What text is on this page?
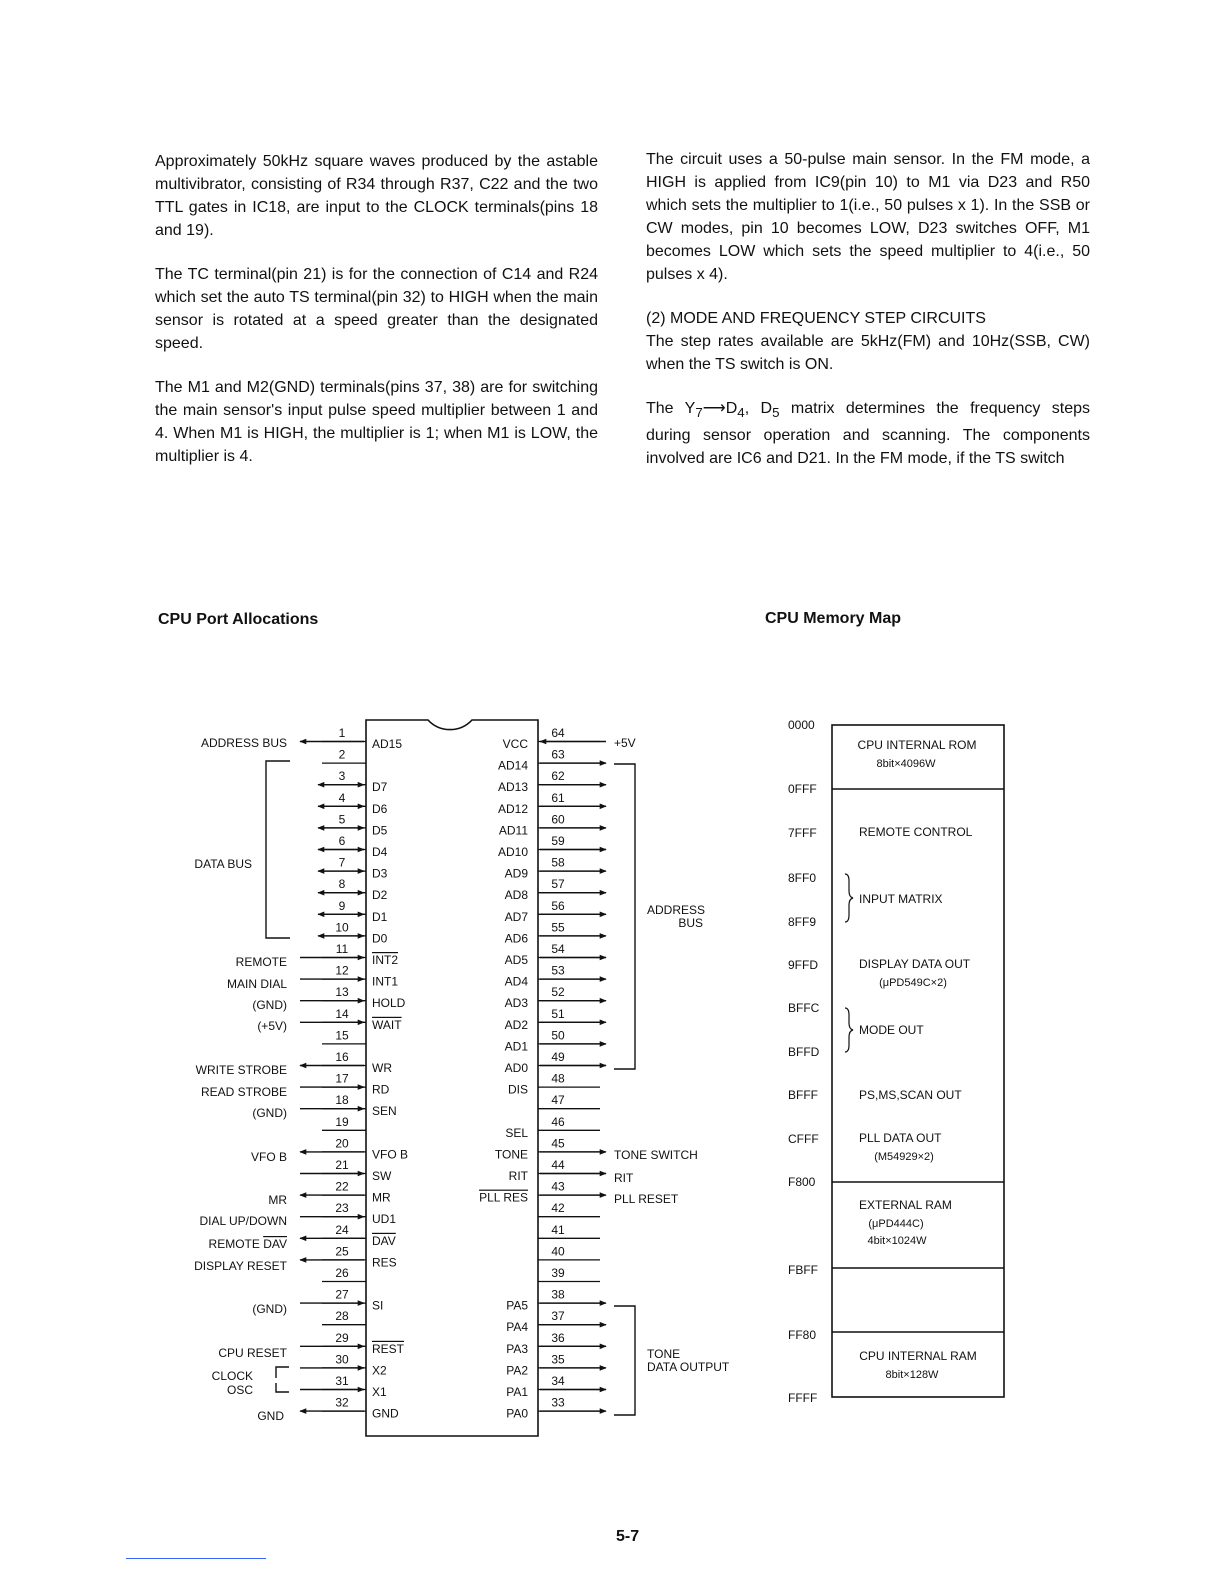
Approximately 50kHz square waves produced by the astable multivibrator, consisting of R34 through R37, C22 and the two TTL gates in IC18, are input to the CLOCK terminals(pins 18 and 19).

The TC terminal(pin 21) is for the connection of C14 and R24 which set the auto TS terminal(pin 32) to HIGH when the main sensor is rotated at a speed greater than the designated speed.

The M1 and M2(GND) terminals(pins 37, 38) are for switching the main sensor's input pulse speed multiplier between 1 and 4. When M1 is HIGH, the multiplier is 1; when M1 is LOW, the multiplier is 4.

The circuit uses a 50-pulse main sensor. In the FM mode, a HIGH is applied from IC9(pin 10) to M1 via D23 and R50 which sets the multiplier to 1(i.e., 50 pulses x 1). In the SSB or CW modes, pin 10 becomes LOW, D23 switches OFF, M1 becomes LOW which sets the speed multiplier to 4(i.e., 50 pulses x 4).

(2) MODE AND FREQUENCY STEP CIRCUITS

The step rates available are 5kHz(FM) and 10Hz(SSB, CW) when the TS switch is ON.

The $Y_7⟶D_4$, $D_5$ matrix determines the frequency steps during sensor operation and scanning. The components involved are IC6 and D21. In the FM mode, if the TS switch

CPU Port Allocations	CPU Memory Map
1
AD15
2
3
D7
4
D6
5
D5
6
D4
7
D3
8
D2
9
D1
10
D0
11
INT2
12
INT1
13
HOLD
14
WAIT
15
16
WR
17
RD
18
SEN
19
20
VFO B
21
SW
22
MR
23
UD1
24
DAV
25
RES
26
27
SI
28
29
REST
30
X2
31
X1
32
GND
64
VCC
63
AD14
62
AD13
61
AD12
60
AD11
59
AD10
58
AD9
57
AD8
56
AD7
55
AD6
54
AD5
53
AD4
52
AD3
51
AD2
50
AD1
49
AD0
48
DIS
47
46
SEL
45
TONE
44
RIT
43
PLL RES
42
41
40
39
38
PA5
37
PA4
36
PA3
35
PA2
34
PA1
33
PA0
ADDRESS BUS
DATA BUS
REMOTE
MAIN DIAL
(GND)
(+5V)
WRITE STROBE
READ STROBE
(GND)
VFO B
MR
DIAL UP/DOWN
REMOTE DAV
DISPLAY RESET
(GND)
CPU RESET
CLOCK
OSC
GND
+5V
ADDRESS
BUS
TONE SWITCH
RIT
PLL RESET
TONE
DATA OUTPUT
0000
0FFF
7FFF
8FF0
8FF9
9FFD
BFFC
BFFD
BFFF
CFFF
F800
FBFF
FF80
FFFF
CPU INTERNAL ROM
8bit×4096W
REMOTE CONTROL
INPUT MATRIX
DISPLAY DATA OUT
(μPD549C×2)
MODE OUT
PS,MS,SCAN OUT
PLL DATA OUT
(M54929×2)
EXTERNAL RAM
(μPD444C)
4bit×1024W
CPU INTERNAL RAM
8bit×128W
5-7
